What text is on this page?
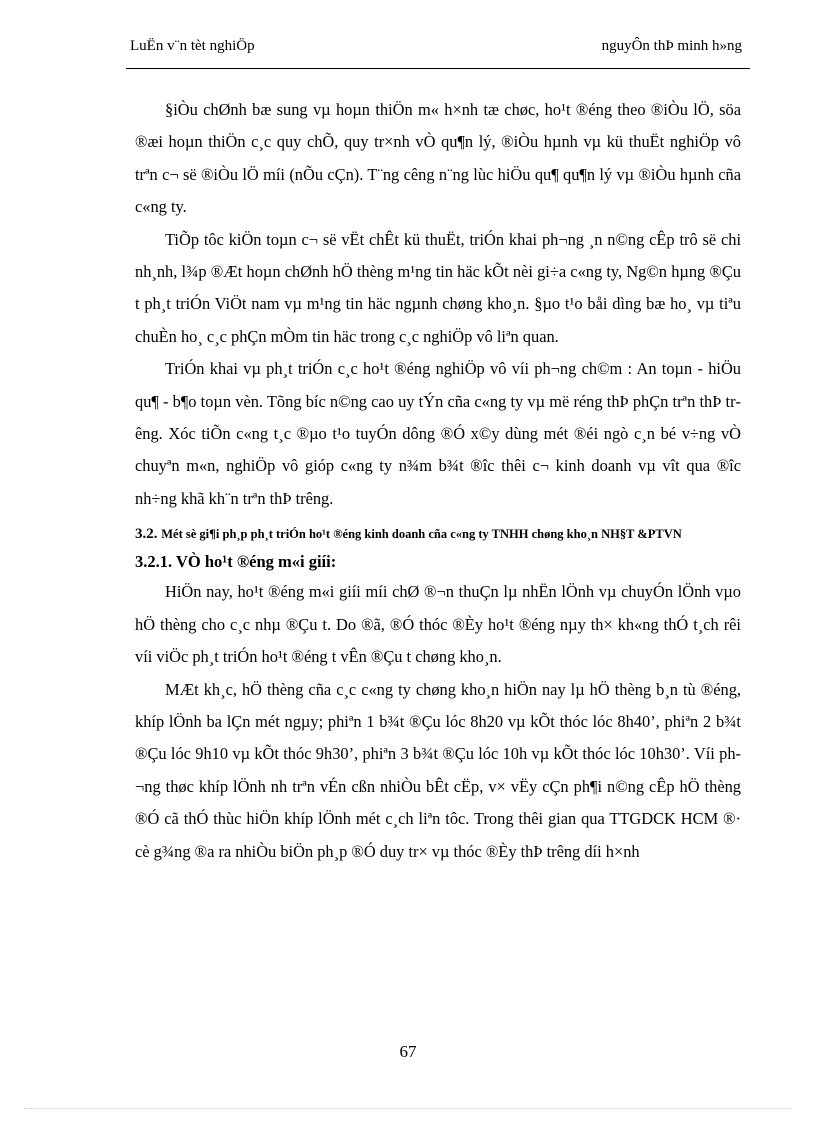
LuËn v¨n tèt nghiÖp	nguyÔn thÞ minh h»ng

§iÒu chØnh bæ sung vµ hoµn thiÖn m« h×nh tæ chøc, ho¹t ®éng theo ®iÒu lÖ, söa ®æi hoµn thiÖn c¸c quy chÕ, quy tr×nh vÒ qu¶n lý, ®iÒu hµnh vµ kü thuËt nghiÖp vô trªn c¬ së ®iÒu lÖ míi (nÕu cÇn). T¨ng cêng n¨ng lùc hiÖu qu¶ qu¶n lý vµ ®iÒu hµnh cña c«ng ty.

TiÕp tôc kiÖn toµn c¬ së vËt chÊt kü thuËt, triÓn khai ph¬ng ¸n n©ng cÊp trô së chi nh¸nh, l¾p ®Æt hoµn chØnh hÖ thèng m¹ng tin häc kÕt nèi gi÷a c«ng ty, Ng©n hµng ®Çu t ph¸t triÓn ViÖt nam vµ m¹ng tin häc ngµnh chøng kho¸n. §µo t¹o båi dìng bæ ho¸ vµ tiªu chuÈn ho¸ c¸c phÇn mÒm tin häc trong c¸c nghiÖp vô liªn quan.

TriÓn khai vµ ph¸t triÓn c¸c ho¹t ®éng nghiÖp vô víi ph¬ng ch©m : An toµn - hiÖu qu¶ - b¶o toµn vèn. Tõng bíc n©ng cao uy tÝn cña c«ng ty vµ më réng thÞ phÇn trªn thÞ trêng. Xóc tiÕn c«ng t¸c ®µo t¹o tuyÓn dông ®Ó x©y dùng mét ®éi ngò c¸n bé v÷ng vÒ chuyªn m«n, nghiÖp vô gióp c«ng ty n¾m b¾t ®îc thêi c¬ kinh doanh vµ vît qua ®îc nh÷ng khã kh¨n trªn thÞ trêng.

3.2. Mét sè gi¶i ph¸p ph¸t triÓn ho¹t ®éng kinh doanh cña c«ng ty TNHH chøng kho¸n NH§T &PTVN
3.2.1. VÒ ho¹t ®éng m«i giíi:

HiÖn nay, ho¹t ®éng m«i giíi míi chØ ®¬n thuÇn lµ nhËn lÖnh vµ chuyÓn lÖnh vµo hÖ thèng cho c¸c nhµ ®Çu t. Do ®ã, ®Ó thóc ®Èy ho¹t ®éng nµy th× kh«ng thÓ t¸ch rêi víi viÖc ph¸t triÓn ho¹t ®éng t vÊn ®Çu t chøng kho¸n.

MÆt kh¸c, hÖ thèng cña c¸c c«ng ty chøng kho¸n hiÖn nay lµ hÖ thèng b¸n tù ®éng, khíp lÖnh ba lÇn mét ngµy; phiªn 1 b¾t ®Çu lóc 8h20 vµ kÕt thóc lóc 8h40’, phiªn 2 b¾t ®Çu lóc 9h10 vµ kÕt thóc 9h30’, phiªn 3 b¾t ®Çu lóc 10h vµ kÕt thóc lóc 10h30’. Víi ph¬ng thøc khíp lÖnh nh trªn vÉn cßn nhiÒu bÊt cËp, v× vËy cÇn ph¶i n©ng cÊp hÖ thèng ®Ó cã thÓ thùc hiÖn khíp lÖnh mét c¸ch liªn tôc. Trong thêi gian qua TTGDCK HCM ®· cè g¾ng ®a ra nhiÒu biÖn ph¸p ®Ó duy tr× vµ thóc ®Èy thÞ trêng díi h×nh

67
